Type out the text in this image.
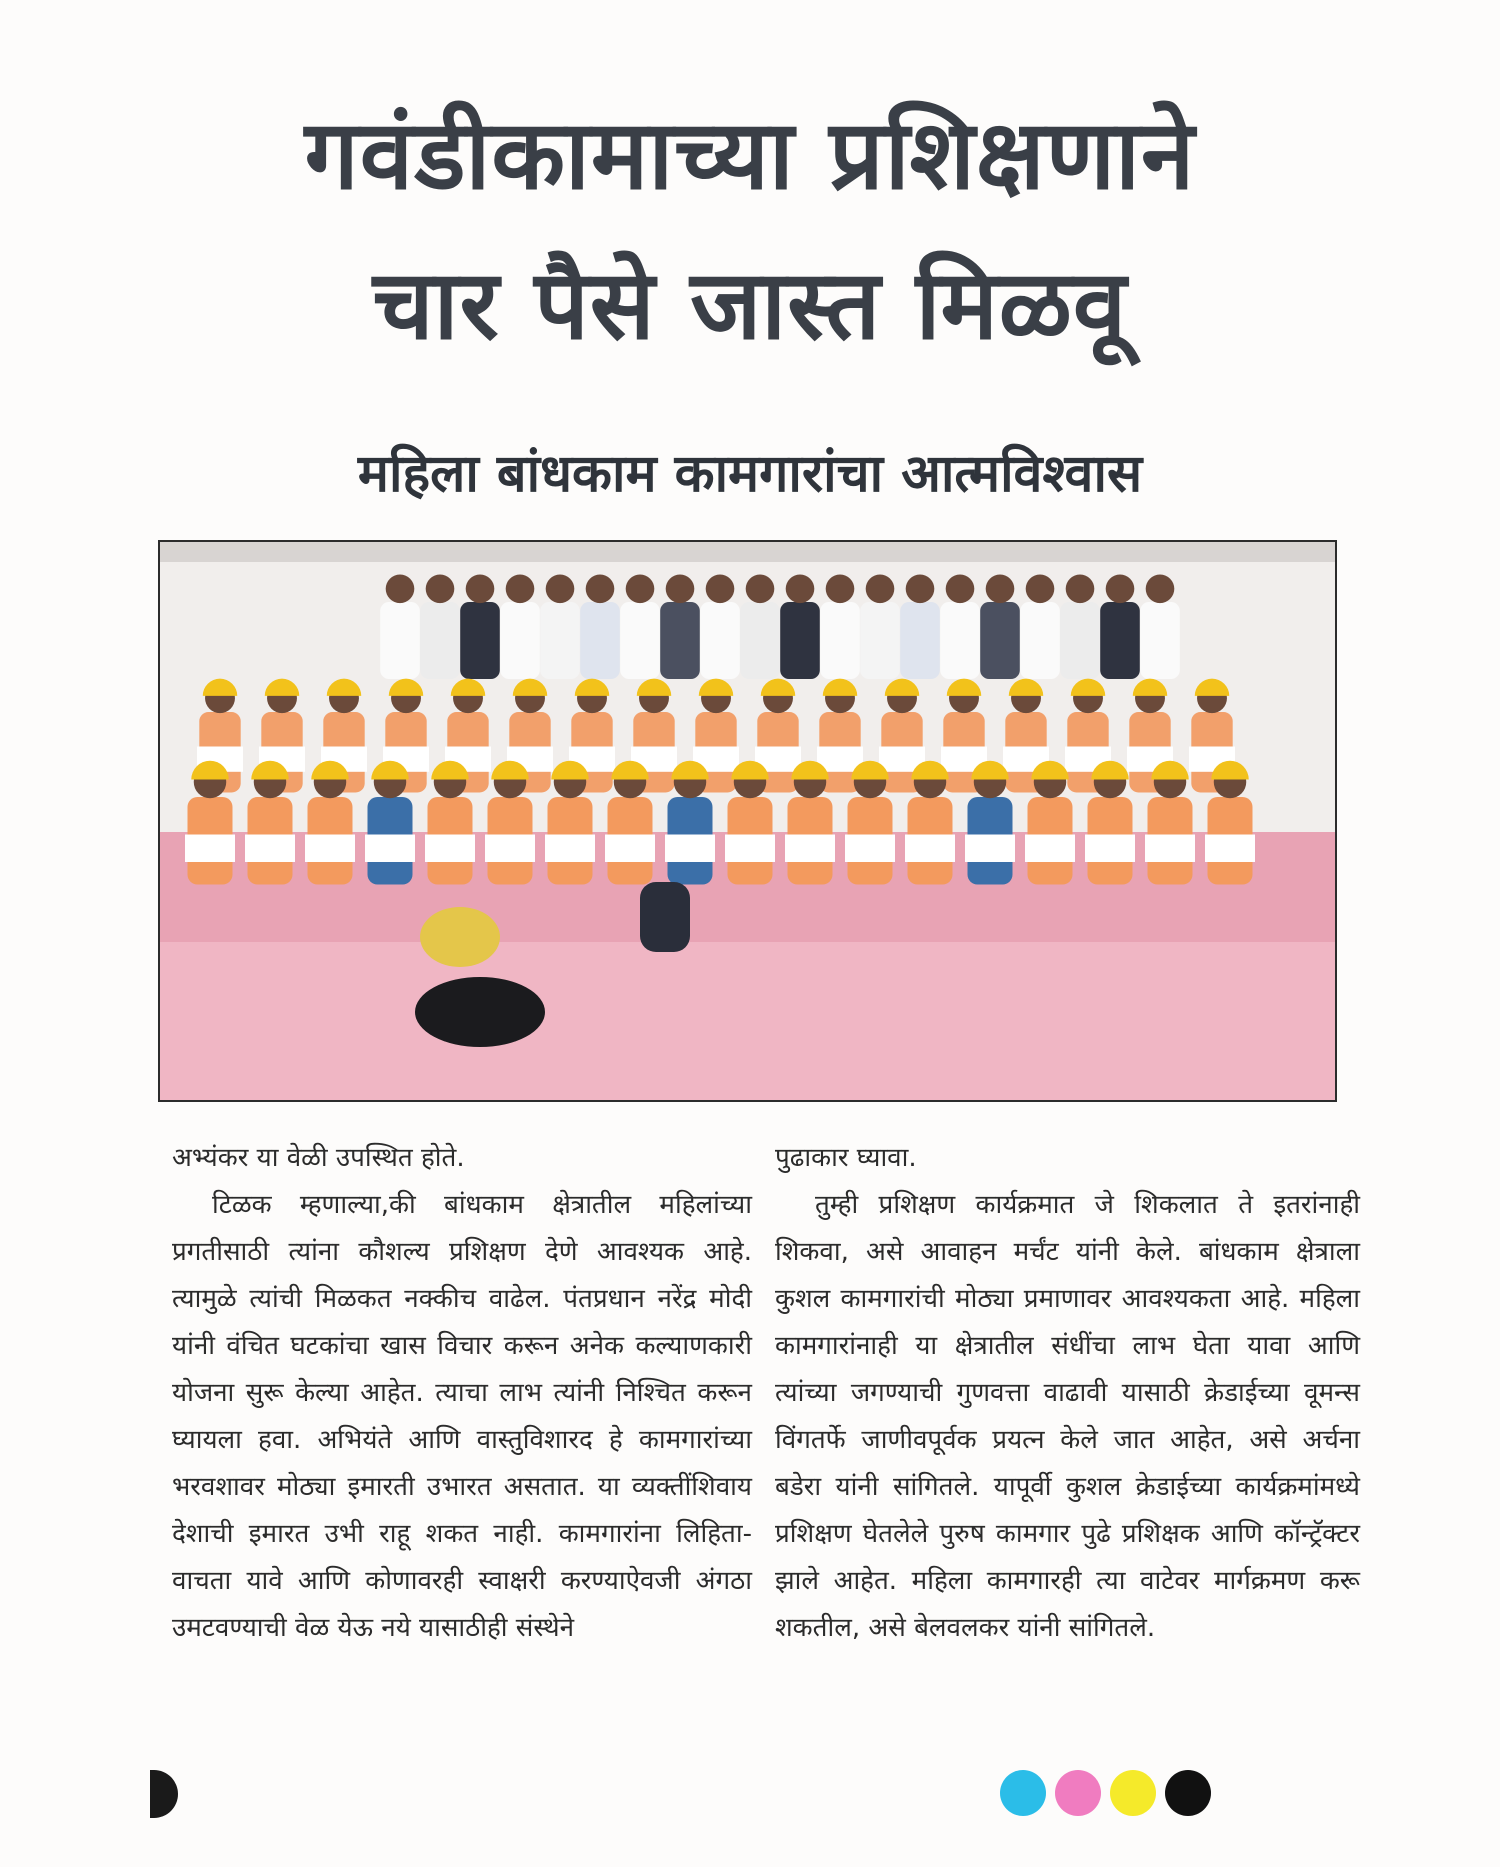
गवंडीकामाच्या प्रशिक्षणाने
चार पैसे जास्त मिळवू
महिला बांधकाम कामगारांचा आत्मविश्वास

अभ्यंकर या वेळी उपस्थित होते.

टिळक म्हणाल्या,की बांधकाम क्षेत्रातील महिलांच्या प्रगतीसाठी त्यांना कौशल्य प्रशिक्षण देणे आवश्यक आहे. त्यामुळे त्यांची मिळकत नक्कीच वाढेल. पंतप्रधान नरेंद्र मोदी यांनी वंचित घटकांचा खास विचार करून अनेक कल्याणकारी योजना सुरू केल्या आहेत. त्याचा लाभ त्यांनी निश्‍चित करून घ्यायला हवा. अभियंते आणि वास्तुविशारद हे कामगारांच्या भरवशावर मोठ्या इमारती उभारत असतात. या व्यक्तींशिवाय देशाची इमारत उभी राहू शकत नाही. कामगारांना लिहिता-वाचता यावे आणि कोणावरही स्वाक्षरी करण्याऐवजी अंगठा उमटवण्याची वेळ येऊ नये यासाठीही संस्थेने

पुढाकार घ्यावा.

तुम्ही प्रशिक्षण कार्यक्रमात जे शिकलात ते इतरांनाही शिकवा, असे आवाहन मर्चंट यांनी केले. बांधकाम क्षेत्राला कुशल कामगारांची मोठ्या प्रमाणावर आवश्यकता आहे. महिला कामगारांनाही या क्षेत्रातील संधींचा लाभ घेता यावा आणि त्यांच्या जगण्याची गुणवत्ता वाढावी यासाठी क्रेडाईच्या वूमन्स विंगतर्फे जाणीवपूर्वक प्रयत्न केले जात आहेत, असे अर्चना बडेरा यांनी सांगितले. यापूर्वी कुशल क्रेडाईच्या कार्यक्रमांमध्ये प्रशिक्षण घेतलेले पुरुष कामगार पुढे प्रशिक्षक आणि कॉन्ट्रॅक्टर झाले आहेत. महिला कामगारही त्या वाटेवर मार्गक्रमण करू शकतील, असे बेलवलकर यांनी सांगितले.
